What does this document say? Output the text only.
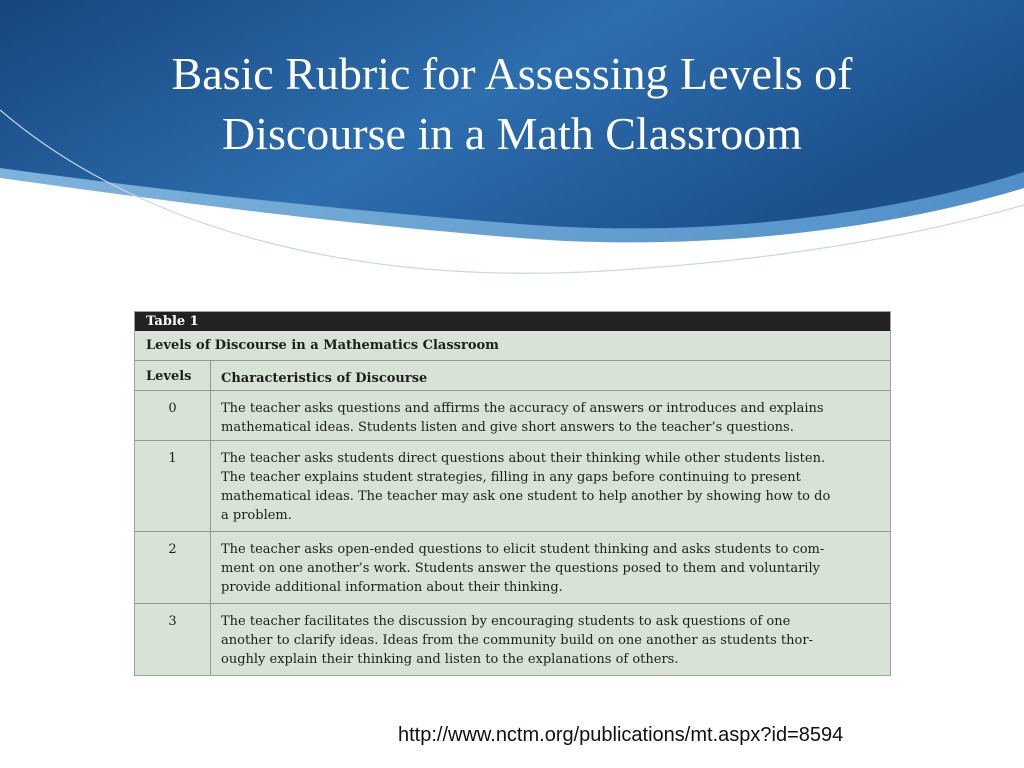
Basic Rubric for Assessing Levels of
Discourse in a Math Classroom
Table 1
Levels of Discourse in a Mathematics Classroom
Levels	Characteristics of Discourse
0	The teacher asks questions and affirms the accuracy of answers or introduces and explains
mathematical ideas. Students listen and give short answers to the teacher’s questions.
1	The teacher asks students direct questions about their thinking while other students listen.
The teacher explains student strategies, filling in any gaps before continuing to present
mathematical ideas. The teacher may ask one student to help another by showing how to do
a problem.
2	The teacher asks open-ended questions to elicit student thinking and asks students to com-
ment on one another’s work. Students answer the questions posed to them and voluntarily
provide additional information about their thinking.
3	The teacher facilitates the discussion by encouraging students to ask questions of one
another to clarify ideas. Ideas from the community build on one another as students thor-
oughly explain their thinking and listen to the explanations of others.
http://www.nctm.org/publications/mt.aspx?id=8594
